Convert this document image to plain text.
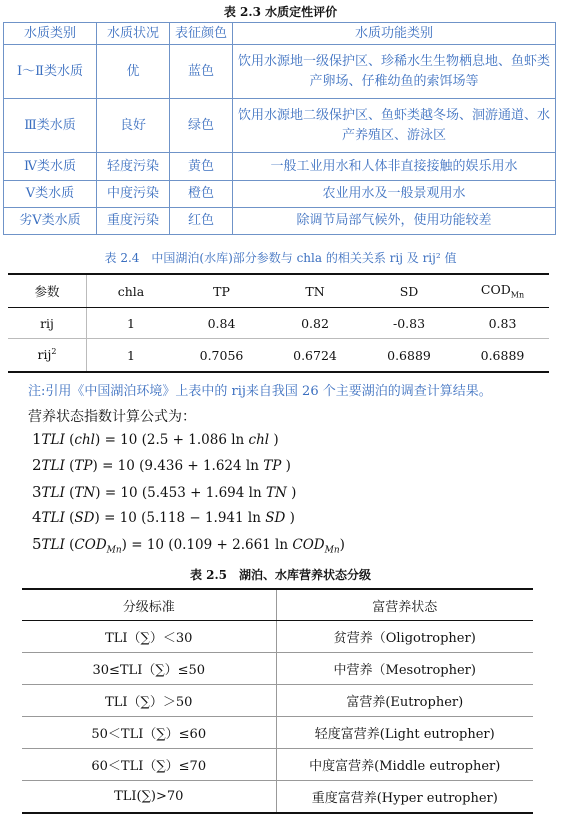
表 2.3 水质定性评价
水质类别	水质状况	表征颜色	水质功能类别
Ⅰ～Ⅱ类水质	优	蓝色	饮用水源地一级保护区、珍稀水生生物栖息地、鱼虾类产卵场、仔稚幼鱼的索饵场等
Ⅲ类水质	良好	绿色	饮用水源地二级保护区、鱼虾类越冬场、洄游通道、水产养殖区、游泳区
Ⅳ类水质	轻度污染	黄色	一般工业用水和人体非直接接触的娱乐用水
Ⅴ类水质	中度污染	橙色	农业用水及一般景观用水
劣Ⅴ类水质	重度污染	红色	除调节局部气候外，使用功能较差
表 2.4　中国湖泊(水库)部分参数与 chla 的相关关系 rij 及 rij² 值
参数	chla	TP	TN	SD	$COD_{Mn}$
rij	1	0.84	0.82	-0.83	0.83
rij$^2$	1	0.7056	0.6724	0.6889	0.6889
注:引用《中国湖泊环境》上表中的 rij来自我国 26 个主要湖泊的调查计算结果。
营养状态指数计算公式为：
1TLI (chl) = 10 (2.5 + 1.086 ln chl )
2TLI (TP) = 10 (9.436 + 1.624 ln TP )
3TLI (TN) = 10 (5.453 + 1.694 ln TN )
4TLI (SD) = 10 (5.118 − 1.941 ln SD )
5TLI $(COD_{Mn}) = 10$ (0.109 + 2.661 $\ln COD_{Mn}$)
表 2.5　湖泊、水库营养状态分级
分级标准	富营养状态
TLI（∑）＜30	贫营养（Oligotropher)
30≤TLI（∑）≤50	中营养（Mesotropher)
TLI（∑）＞50	富营养(Eutropher)
50＜TLI（∑）≤60	轻度富营养(Light eutropher)
60＜TLI（∑）≤70	中度富营养(Middle eutropher)
TLI(∑)>70	重度富营养(Hyper eutropher)
